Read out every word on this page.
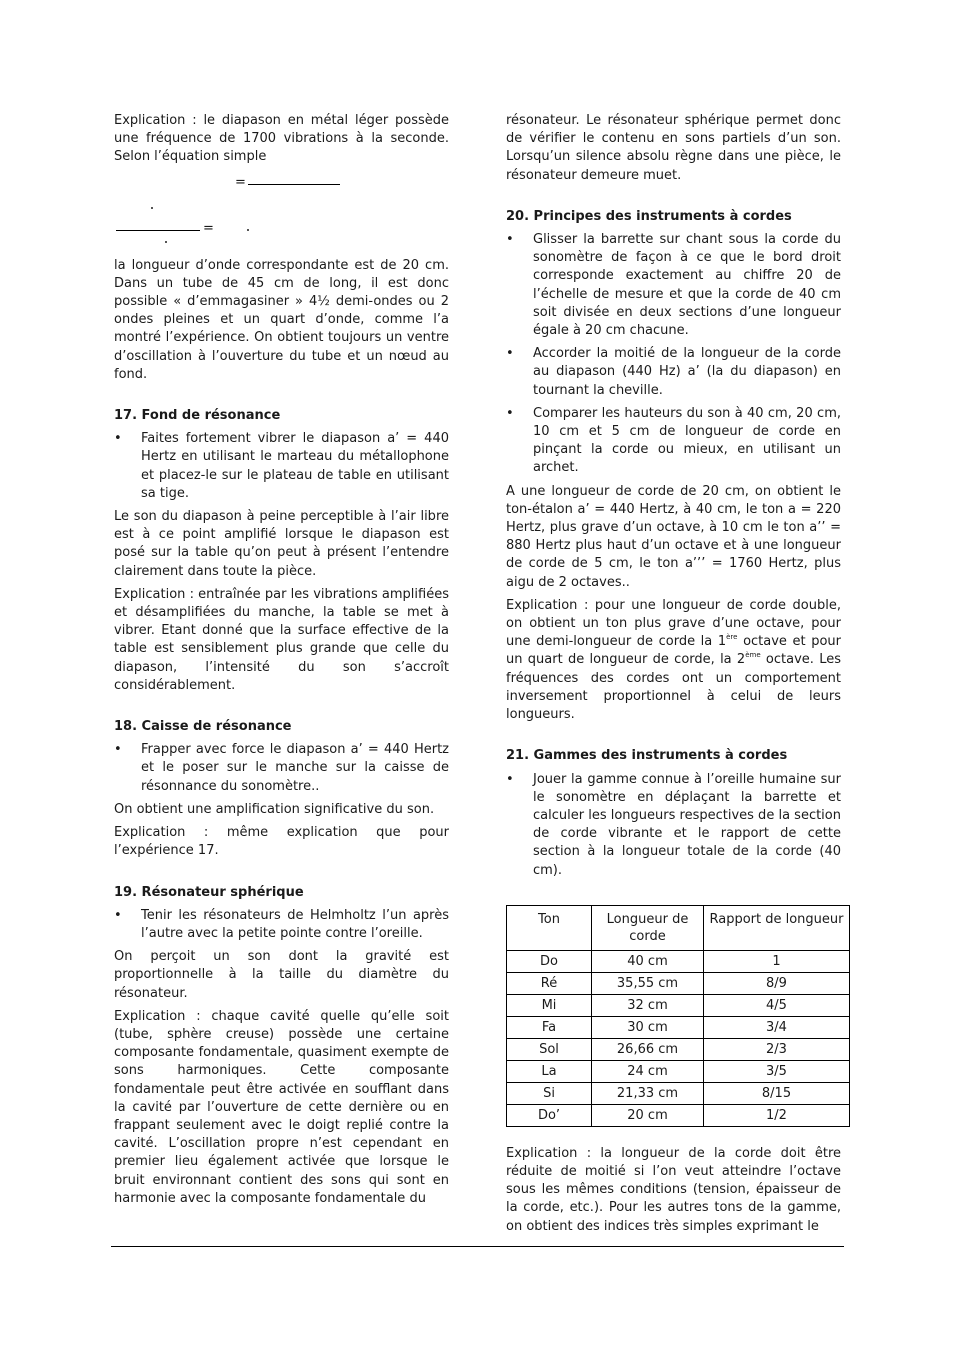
Explication : le diapason en métal léger possède une fréquence de 1700 vibrations à la seconde. Selon l’équation simple

=
=

la longueur d’onde correspondante est de 20 cm. Dans un tube de 45 cm de long, il est donc possible « d’emmagasiner » 4½ demi-ondes ou 2 ondes pleines et un quart d’onde, comme l’a montré l’expérience. On obtient toujours un ventre d’oscillation à l’ouverture du tube et un nœud au fond.

17. Fond de résonance
• Faites fortement vibrer le diapason a’ = 440 Hertz en utilisant le marteau du métallophone et placez-le sur le plateau de table en utilisant sa tige.

Le son du diapason à peine perceptible à l’air libre est à ce point amplifié lorsque le diapason est posé sur la table qu’on peut à présent l’entendre clairement dans toute la pièce.

Explication : entraînée par les vibrations amplifiées et désamplifiées du manche, la table se met à vibrer. Etant donné que la surface effective de la table est sensiblement plus grande que celle du diapason, l’intensité du son s’accroît considérablement.

18. Caisse de résonance
• Frapper avec force le diapason a’ = 440 Hertz et le poser sur le manche sur la caisse de résonnance du sonomètre..

On obtient une amplification significative du son.

Explication : même explication que pour l’expérience 17.

19. Résonateur sphérique
• Tenir les résonateurs de Helmholtz l’un après l’autre avec la petite pointe contre l’oreille.

On perçoit un son dont la gravité est proportionnelle à la taille du diamètre du résonateur.

Explication : chaque cavité quelle qu’elle soit (tube, sphère creuse) possède une certaine composante fondamentale, quasiment exempte de sons harmoniques. Cette composante fondamentale peut être activée en soufflant dans la cavité par l’ouverture de cette dernière ou en frappant seulement avec le doigt replié contre la cavité. L’oscillation propre n’est cependant en premier lieu également activée que lorsque le bruit environnant contient des sons qui sont en harmonie avec la composante fondamentale du

résonateur. Le résonateur sphérique permet donc de vérifier le contenu en sons partiels d’un son. Lorsqu’un silence absolu règne dans une pièce, le résonateur demeure muet.

20. Principes des instruments à cordes
• Glisser la barrette sur chant sous la corde du sonomètre de façon à ce que le bord droit corresponde exactement au chiffre 20 de l’échelle de mesure et que la corde de 40 cm soit divisée en deux sections d’une longueur égale à 20 cm chacune.
• Accorder la moitié de la longueur de la corde au diapason (440 Hz) a’ (la du diapason) en tournant la cheville.
• Comparer les hauteurs du son à 40 cm, 20 cm, 10 cm et 5 cm de longueur de corde en pinçant la corde ou mieux, en utilisant un archet.

A une longueur de corde de 20 cm, on obtient le ton-étalon a’ = 440 Hertz, à 40 cm, le ton a = 220 Hertz, plus grave d’un octave, à 10 cm le ton a’’ = 880 Hertz plus haut d’un octave et à une longueur de corde de 5 cm, le ton a’’’ = 1760 Hertz, plus aigu de 2 octaves..

Explication : pour une longueur de corde double, on obtient un ton plus grave d’une octave, pour une demi-longueur de corde la 1ère octave et pour un quart de longueur de corde, la 2ème octave. Les fréquences des cordes ont un comportement inversement proportionnel à celui de leurs longueurs.

21. Gammes des instruments à cordes
• Jouer la gamme connue à l’oreille humaine sur le sonomètre en déplaçant la barrette et calculer les longueurs respectives de la section de corde vibrante et le rapport de cette section à la longueur totale de la corde (40 cm).
Ton	Longueur de corde	Rapport de longueur
Do	40 cm	1
Ré	35,55 cm	8/9
Mi	32 cm	4/5
Fa	30 cm	3/4
Sol	26,66 cm	2/3
La	24 cm	3/5
Si	21,33 cm	8/15
Do’	20 cm	1/2

Explication : la longueur de la corde doit être réduite de moitié si l’on veut atteindre l’octave sous les mêmes conditions (tension, épaisseur de la corde, etc.). Pour les autres tons de la gamme, on obtient des indices très simples exprimant le
